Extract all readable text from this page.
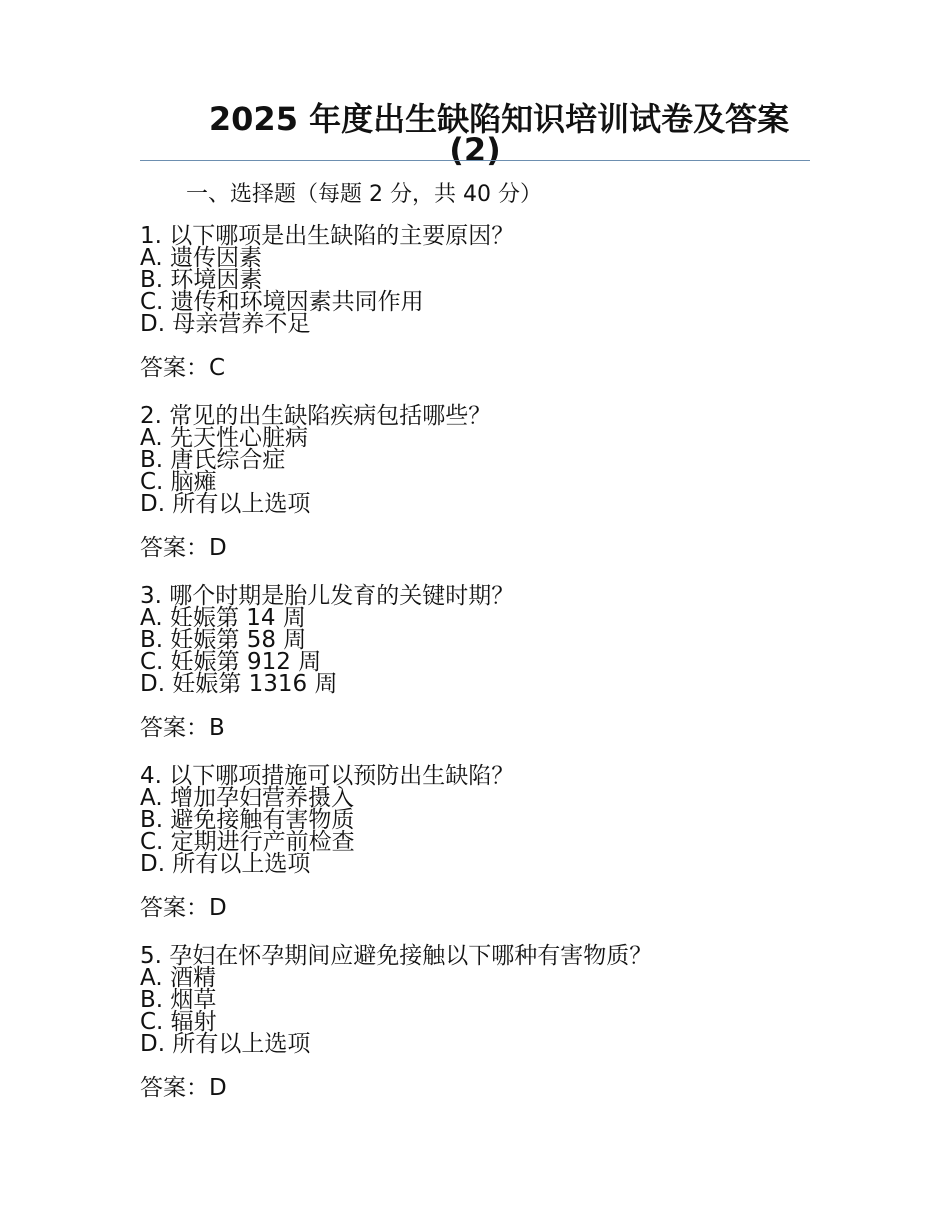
2025 年度出生缺陷知识培训试卷及答案
(2)
一、选择题（每题 2 分，共 40 分）
1. 以下哪项是出生缺陷的主要原因？
A. 遗传因素
B. 环境因素
C. 遗传和环境因素共同作用
D. 母亲营养不足
答案：C
2. 常见的出生缺陷疾病包括哪些？
A. 先天性心脏病
B. 唐氏综合症
C. 脑瘫
D. 所有以上选项
答案：D
3. 哪个时期是胎儿发育的关键时期？
A. 妊娠第 14 周
B. 妊娠第 58 周
C. 妊娠第 912 周
D. 妊娠第 1316 周
答案：B
4. 以下哪项措施可以预防出生缺陷？
A. 增加孕妇营养摄入
B. 避免接触有害物质
C. 定期进行产前检查
D. 所有以上选项
答案：D
5. 孕妇在怀孕期间应避免接触以下哪种有害物质？
A. 酒精
B. 烟草
C. 辐射
D. 所有以上选项
答案：D
